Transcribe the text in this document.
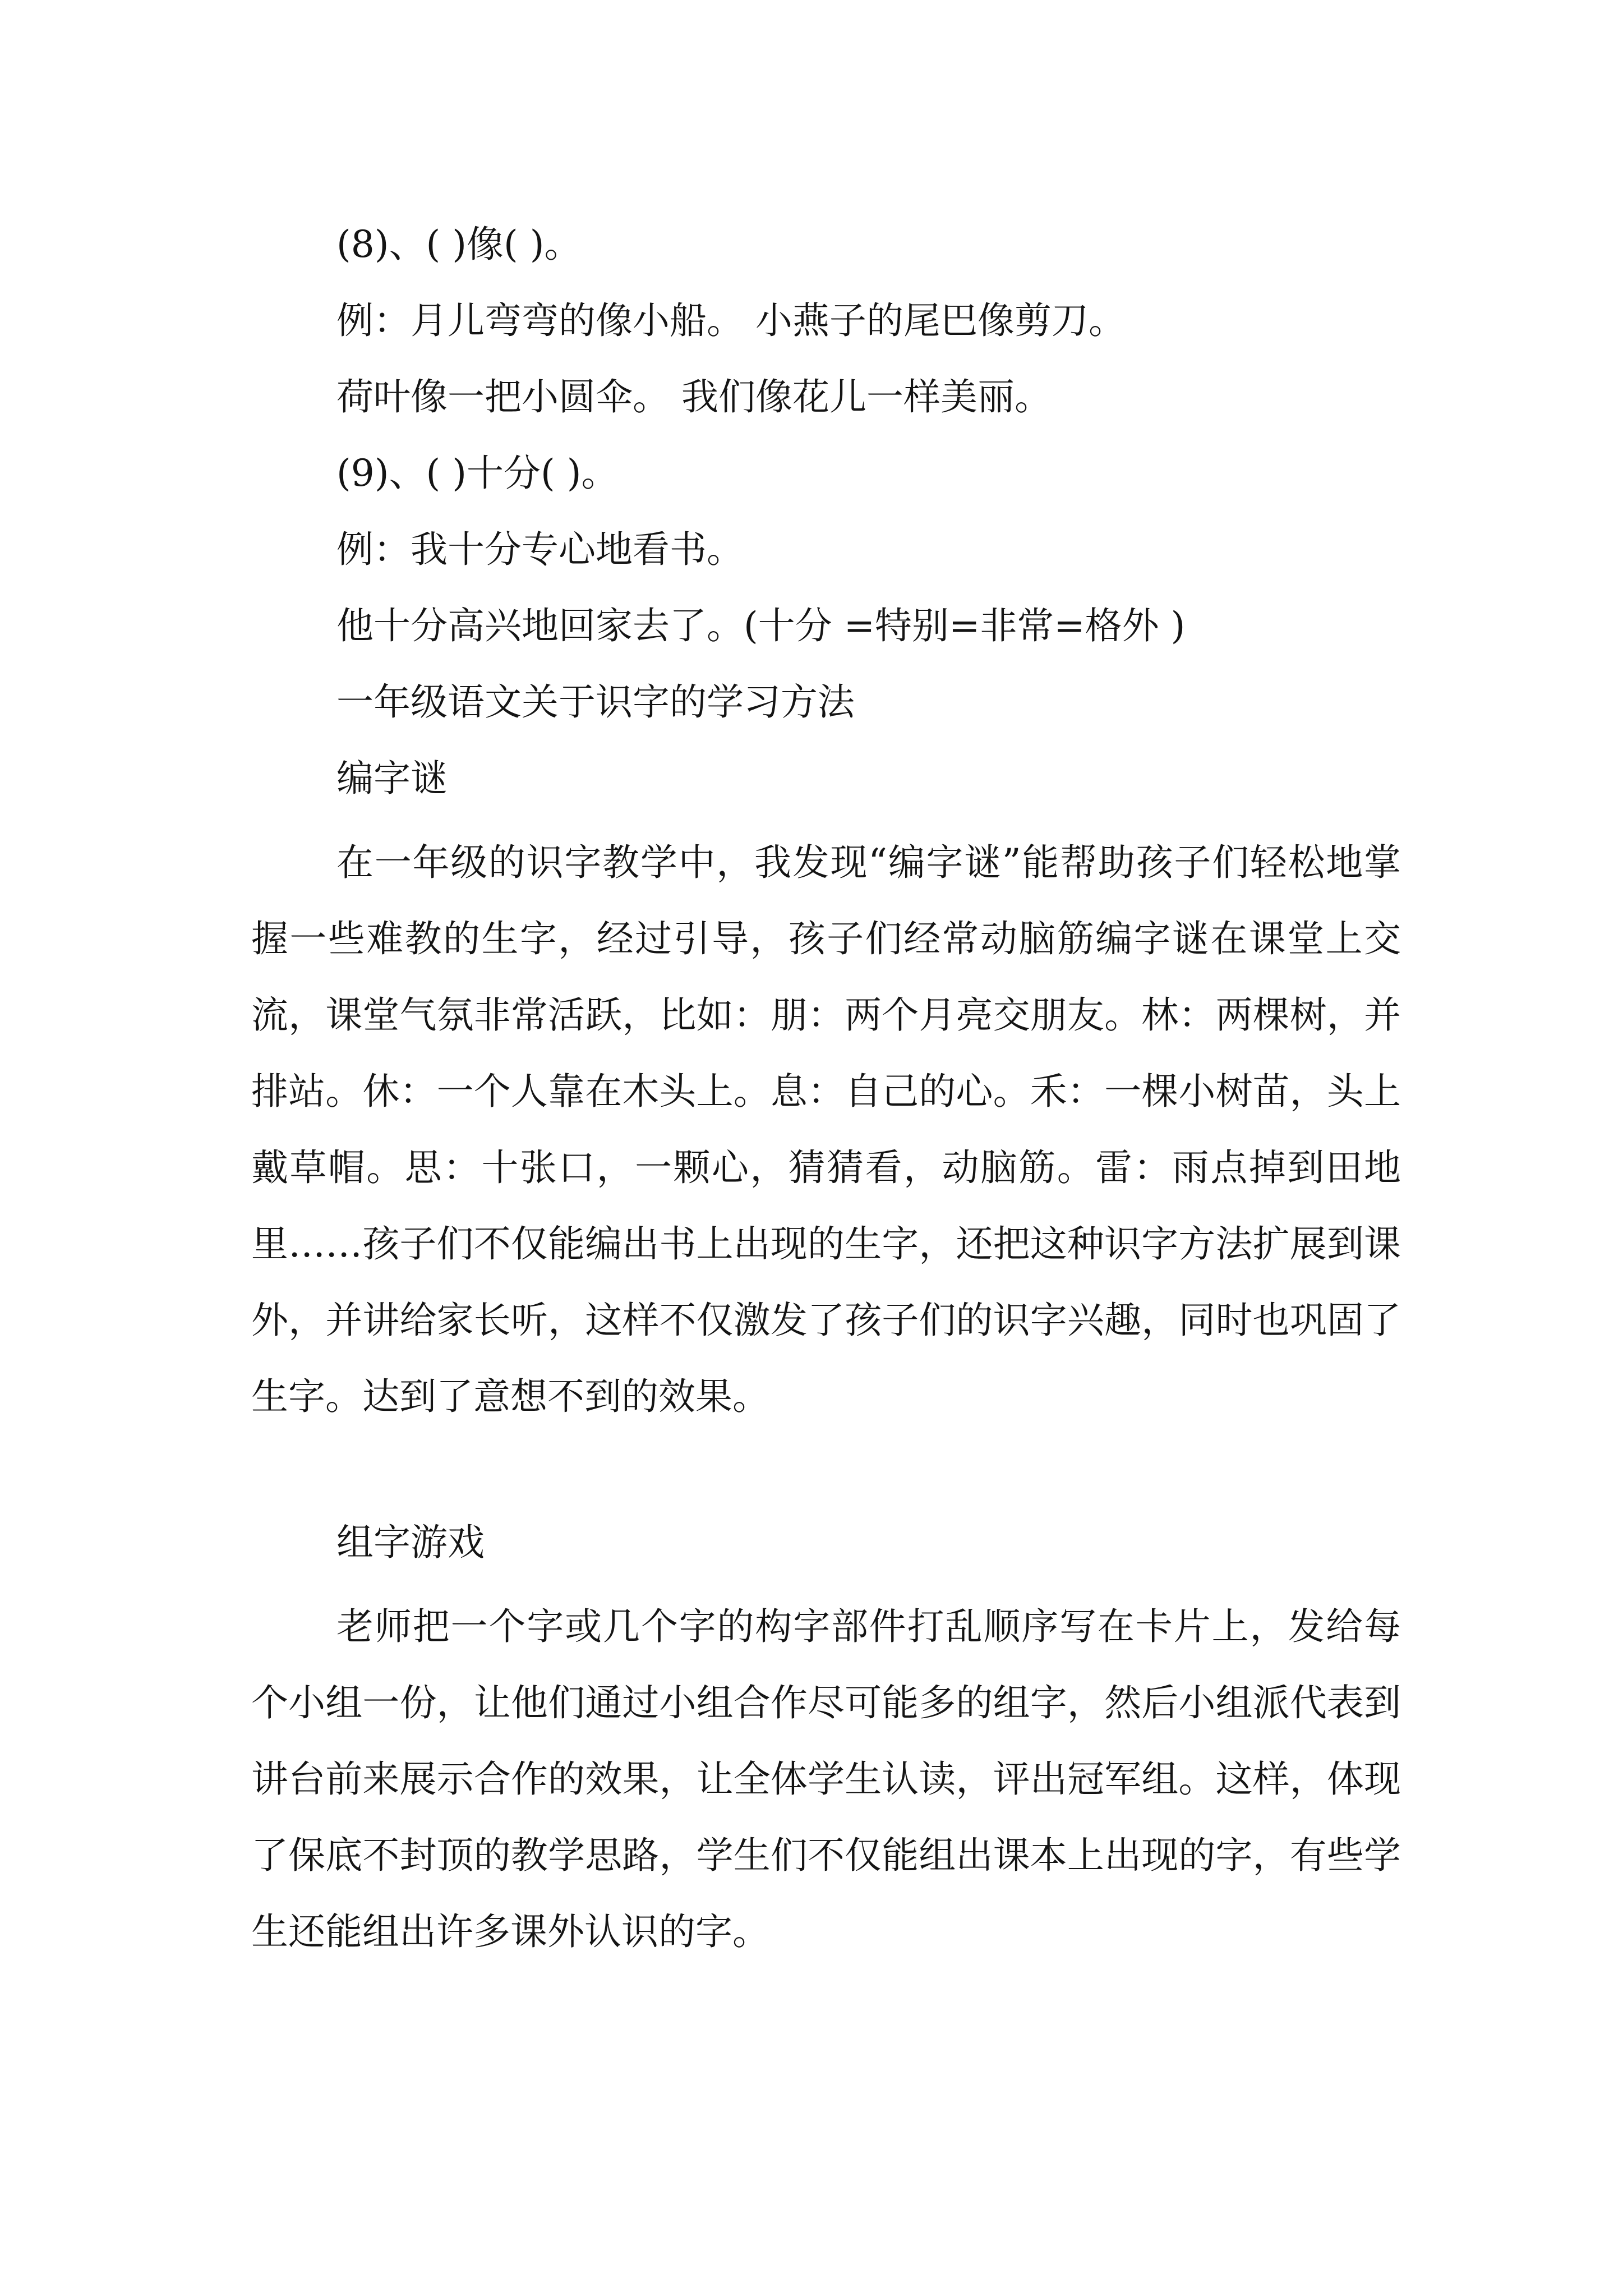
(8)、( )像( )。
例：月儿弯弯的像小船。 小燕子的尾巴像剪刀。
荷叶像一把小圆伞。 我们像花儿一样美丽。
(9)、( )十分( )。
例：我十分专心地看书。
他十分高兴地回家去了。(十分 =特别=非常=格外 )
一年级语文关于识字的学习方法
编字谜

在一年级的识字教学中，我发现“编字谜”能帮助孩子们轻松地掌握一些难教的生字，经过引导，孩子们经常动脑筋编字谜在课堂上交流，课堂气氛非常活跃，比如：朋：两个月亮交朋友。林：两棵树，并排站。休：一个人靠在木头上。息：自己的心。禾：一棵小树苗，头上戴草帽。思：十张口，一颗心，猜猜看，动脑筋。雷：雨点掉到田地里……孩子们不仅能编出书上出现的生字，还把这种识字方法扩展到课外，并讲给家长听，这样不仅激发了孩子们的识字兴趣，同时也巩固了生字。达到了意想不到的效果。

组字游戏

老师把一个字或几个字的构字部件打乱顺序写在卡片上，发给每个小组一份，让他们通过小组合作尽可能多的组字，然后小组派代表到讲台前来展示合作的效果，让全体学生认读，评出冠军组。这样，体现了保底不封顶的教学思路，学生们不仅能组出课本上出现的字，有些学生还能组出许多课外认识的字。
